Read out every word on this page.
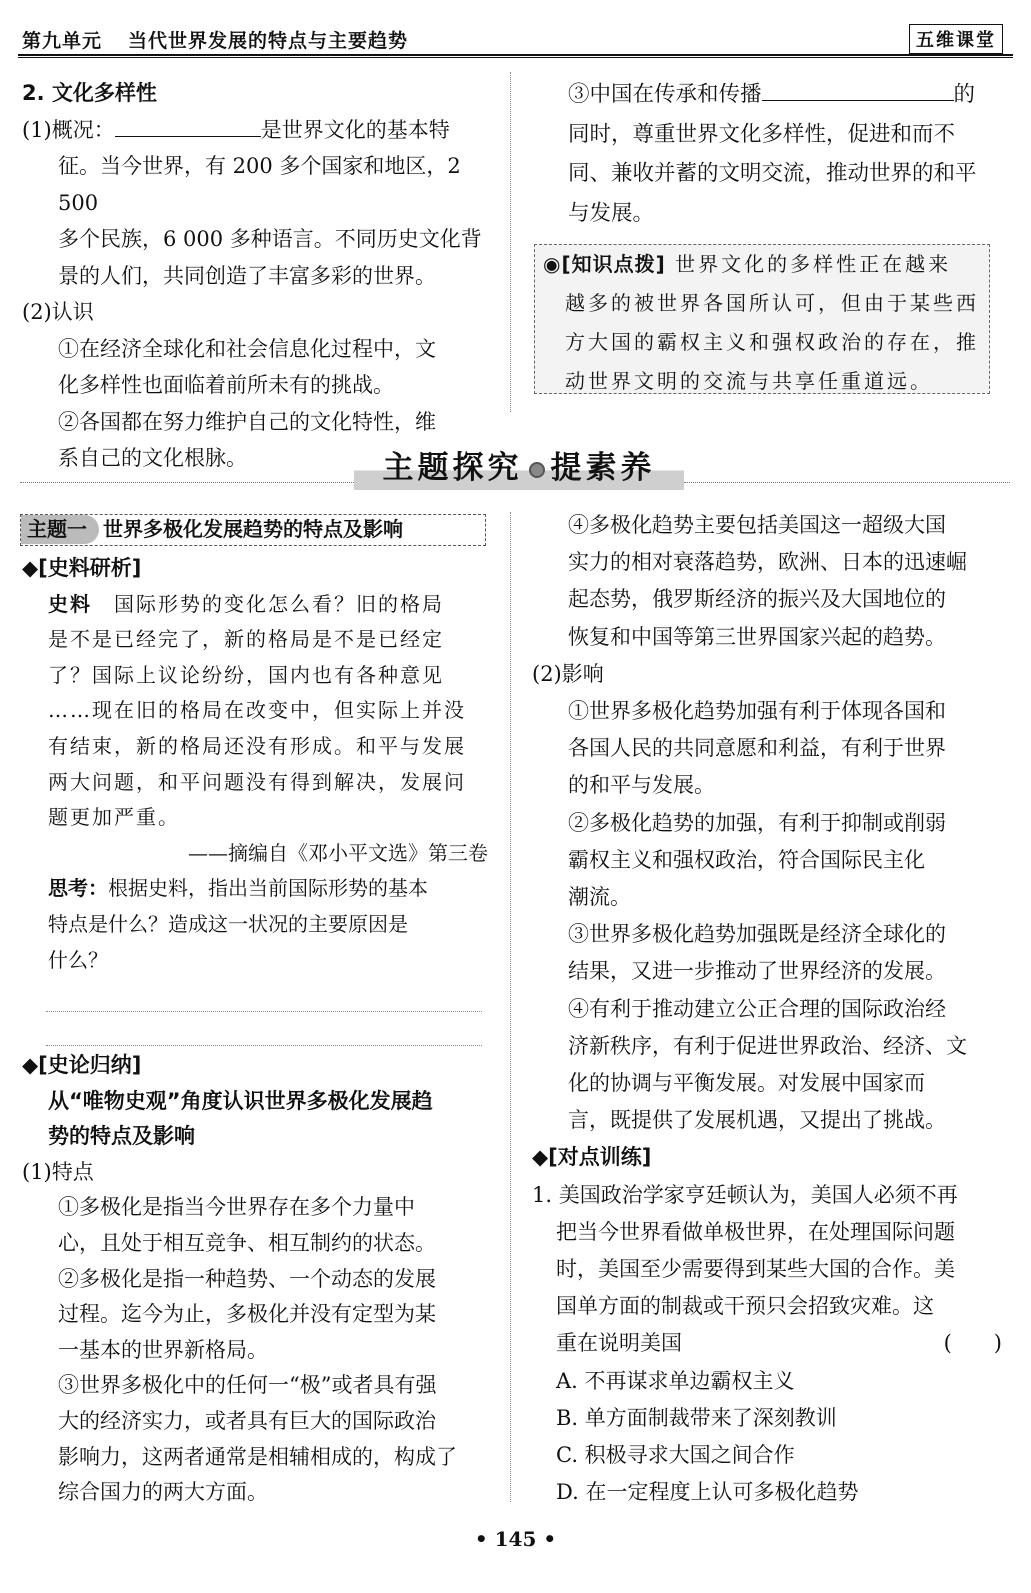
第九单元 当代世界发展的特点与主要趋势	五维课堂

2. 文化多样性

(1)概况：	是世界文化的基本特

征。当今世界，有 200 多个国家和地区，2 500

多个民族，6 000 多种语言。不同历史文化背

景的人们，共同创造了丰富多彩的世界。

(2)认识

①在经济全球化和社会信息化过程中，文

化多样性也面临着前所未有的挑战。

②各国都在努力维护自己的文化特性，维

系自己的文化根脉。

③中国在传承和传播	的

同时，尊重世界文化多样性，促进和而不

同、兼收并蓄的文明交流，推动世界的和平

与发展。

◉[知识点拨] 世界文化的多样性正在越来
越多的被世界各国所认可，但由于某些西
方大国的霸权主义和强权政治的存在，推
动世界文明的交流与共享任重道远。
主题探究 提素养
主题一 世界多极化发展趋势的特点及影响

◆[史料研析]

史料　 国际形势的变化怎么看？旧的格局

是不是已经完了，新的格局是不是已经定

了？国际上议论纷纷，国内也有各种意见

……现在旧的格局在改变中，但实际上并没

有结束，新的格局还没有形成。和平与发展

两大问题，和平问题没有得到解决，发展问

题更加严重。

——摘编自《邓小平文选》第三卷

思考：根据史料，指出当前国际形势的基本

特点是什么？造成这一状况的主要原因是

什么？

◆[史论归纳]

从“唯物史观”角度认识世界多极化发展趋

势的特点及影响

(1)特点

①多极化是指当今世界存在多个力量中

心，且处于相互竞争、相互制约的状态。

②多极化是指一种趋势、一个动态的发展

过程。迄今为止，多极化并没有定型为某

一基本的世界新格局。

③世界多极化中的任何一“极”或者具有强

大的经济实力，或者具有巨大的国际政治

影响力，这两者通常是相辅相成的，构成了

综合国力的两大方面。

④多极化趋势主要包括美国这一超级大国

实力的相对衰落趋势，欧洲、日本的迅速崛

起态势，俄罗斯经济的振兴及大国地位的

恢复和中国等第三世界国家兴起的趋势。

(2)影响

①世界多极化趋势加强有利于体现各国和

各国人民的共同意愿和利益，有利于世界

的和平与发展。

②多极化趋势的加强，有利于抑制或削弱

霸权主义和强权政治，符合国际民主化

潮流。

③世界多极化趋势加强既是经济全球化的

结果，又进一步推动了世界经济的发展。

④有利于推动建立公正合理的国际政治经

济新秩序，有利于促进世界政治、经济、文

化的协调与平衡发展。对发展中国家而

言，既提供了发展机遇，又提出了挑战。

◆[对点训练]

1. 美国政治学家亨廷顿认为，美国人必须不再

把当今世界看做单极世界，在处理国际问题

时，美国至少需要得到某些大国的合作。美

国单方面的制裁或干预只会招致灾难。这

重在说明美国	(　　)

A. 不再谋求单边霸权主义

B. 单方面制裁带来了深刻教训

C. 积极寻求大国之间合作

D. 在一定程度上认可多极化趋势

• 145 •
